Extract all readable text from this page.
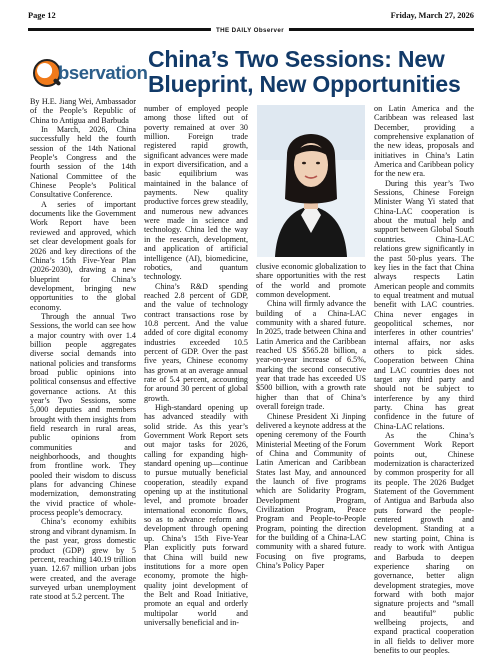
Page 12	Friday, March 27, 2026
THE DAILY Observer
bservation
China’s Two Sessions: New Blueprint, New Opportunities

By H.E. Jiang Wei, Ambassador of the People’s Republic of China to Antigua and Barbuda

In March, 2026, China successfully held the fourth session of the 14th National People’s Congress and the fourth session of the 14th National Committee of the Chinese People’s Political Consultative Conference.

A series of important documents like the Government Work Report have been reviewed and approved, which set clear development goals for 2026 and key directions of the China’s 15th Five-Year Plan (2026-2030), drawing a new blueprint for China’s development, bringing new opportunities to the global economy.

Through the annual Two Sessions, the world can see how a major country with over 1.4 billion people aggregates diverse social demands into national policies and transforms broad public opinions into political consensus and effective governance actions. At this year’s Two Sessions, some 5,000 deputies and members brought with them insights from field research in rural areas, public opinions from communities and neighborhoods, and thoughts from frontline work. They pooled their wisdom to discuss plans for advancing Chinese modernization, demonstrating the vivid practice of whole-process people’s democracy.

China’s economy exhibits strong and vibrant dynamism. In the past year, gross domestic product (GDP) grew by 5 percent, reaching 140.19 trillion yuan. 12.67 million urban jobs were created, and the average surveyed urban unemployment rate stood at 5.2 percent. The

number of employed people among those lifted out of poverty remained at over 30 million. Foreign trade registered rapid growth, significant advances were made in export diversification, and a basic equilibrium was maintained in the balance of payments. New quality productive forces grew steadily, and numerous new advances were made in science and technology. China led the way in the research, development, and application of artificial intelligence (AI), biomedicine, robotics, and quantum technology.

China’s R&D spending reached 2.8 percent of GDP, and the value of technology contract transactions rose by 10.8 percent. And the value added of core digital economy industries exceeded 10.5 percent of GDP. Over the past five years, Chinese economy has grown at an average annual rate of 5.4 percent, accounting for around 30 percent of global growth.

High-standard opening up has advanced steadily with solid stride. As this year’s Government Work Report sets out major tasks for 2026, calling for expanding high-standard opening up—continue to pursue mutually beneficial cooperation, steadily expand opening up at the institutional level, and promote broader international economic flows, so as to advance reform and development through opening up. China’s 15th Five-Year Plan explicitly puts forward that China will build new institutions for a more open economy, promote the high-quality joint development of the Belt and Road Initiative, promote an equal and orderly multipolar world and universally beneficial and in-

clusive economic globalization to share opportunities with the rest of the world and promote common development.

China will firmly advance the building of a China-LAC community with a shared future. In 2025, trade between China and Latin America and the Caribbean reached US $565.28 billion, a year-on-year increase of 6.5%, marking the second consecutive year that trade has exceeded US $500 billion, with a growth rate higher than that of China’s overall foreign trade.

Chinese President Xi Jinping delivered a keynote address at the opening ceremony of the Fourth Ministerial Meeting of the Forum of China and Community of Latin American and Caribbean States last May, and announced the launch of five programs which are Solidarity Program, Development Program, Civilization Program, Peace Program and People-to-People Program, pointing the direction for the building of a China-LAC community with a shared future. Focusing on five programs, China’s Policy Paper

on Latin America and the Caribbean was released last December, providing a comprehensive explanation of the new ideas, proposals and initiatives in China’s Latin America and Caribbean policy for the new era.

During this year’s Two Sessions, Chinese Foreign Minister Wang Yi stated that China-LAC cooperation is about the mutual help and support between Global South countries. China-LAC relations grew significantly in the past 50-plus years. The key lies in the fact that China always respects Latin American people and commits to equal treatment and mutual benefit with LAC countries. China never engages in geopolitical schemes, nor interferes in other countries’ internal affairs, nor asks others to pick sides. Cooperation between China and LAC countries does not target any third party and should not be subject to interference by any third party. China has great confidence in the future of China-LAC relations.

As the China’s Government Work Report points out, Chinese modernization is characterized by common prosperity for all its people. The 2026 Budget Statement of the Government of Antigua and Barbuda also puts forward the people-centered growth and development. Standing at a new starting point, China is ready to work with Antigua and Barbuda to deepen experience sharing on governance, better align development strategies, move forward with both major signature projects and “small and beautiful” public wellbeing projects, and expand practical cooperation in all fields to deliver more benefits to our peoples.
